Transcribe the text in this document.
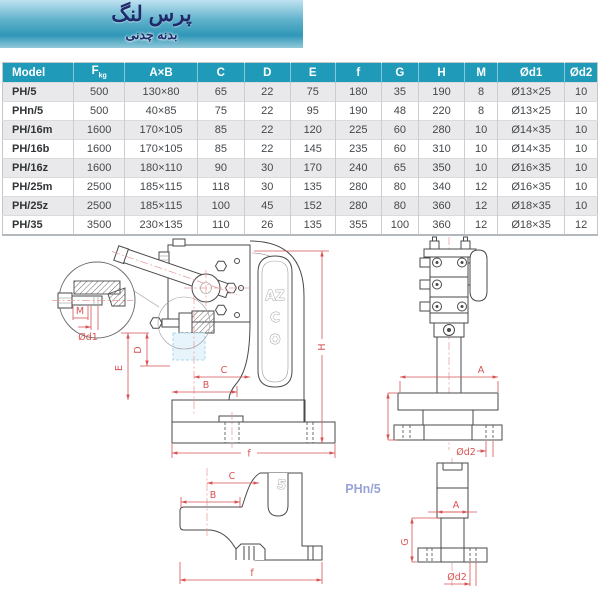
پرس لنگ

بدنه چدنی

Model	$F_{kg}$	A×B	C	D	E	f	G	H	M	Ød1	Ød2
PH/5	500	130×80	65	22	75	180	35	190	8	Ø13×25	10
PHn/5	500	40×85	75	22	95	190	48	220	8	Ø13×25	10
PH/16m	1600	170×105	85	22	120	225	60	280	10	Ø14×35	10
PH/16b	1600	170×105	85	22	145	235	60	310	10	Ø14×35	10
PH/16z	1600	180×110	90	30	170	240	65	350	10	Ø16×35	10
PH/25m	2500	185×115	118	30	135	280	80	340	12	Ø16×35	10
PH/25z	2500	185×115	100	45	152	280	80	360	12	Ø18×35	10
PH/35	3500	230×135	110	26	135	355	100	360	12	Ø18×35	12
AZ
C
O
E
D
C
B
f
H
M
Ød1
A
Ød2
5
C
B
f
PHn/5
A
G
Ød2
